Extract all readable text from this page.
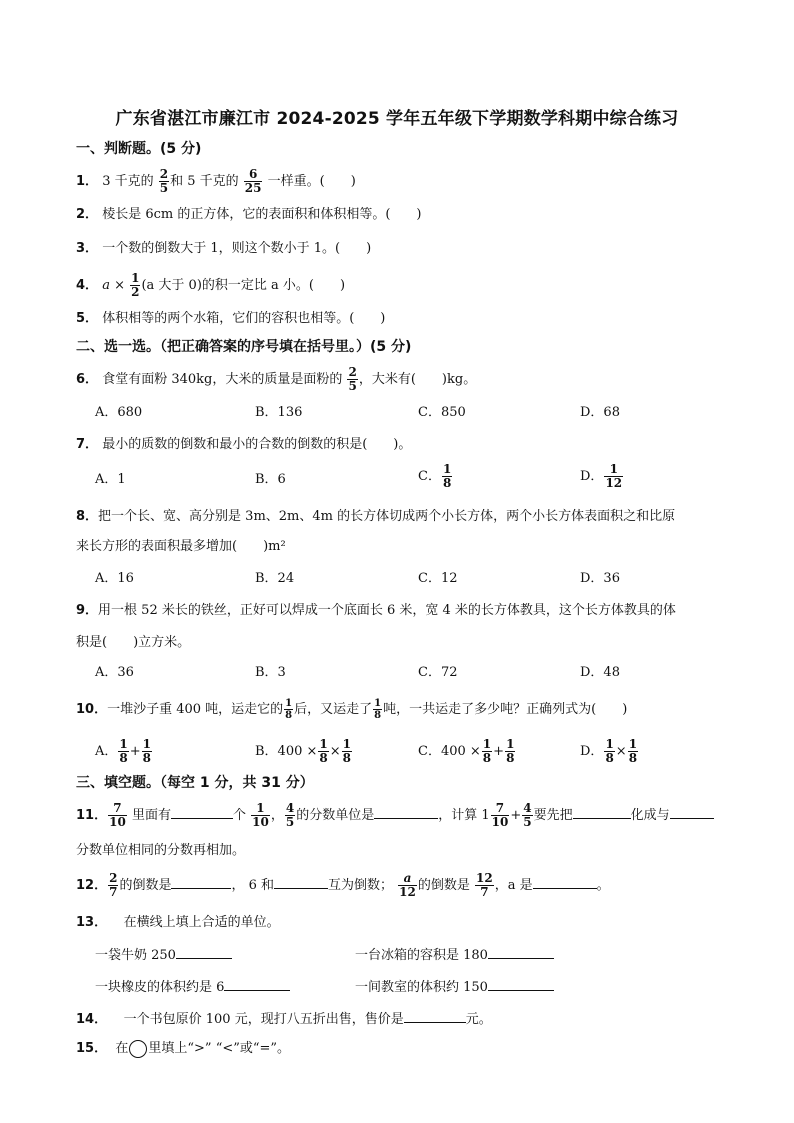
广东省湛江市廉江市 2024-2025 学年五年级下学期数学科期中综合练习
一、判断题。(5 分)
1． 3 千克的 $\frac{2}{5}$ 和 5 千克的 $\frac{6}{25}$ 一样重。( )
2． 棱长是 6cm 的正方体，它的表面积和体积相等。( )
3． 一个数的倒数大于 1，则这个数小于 1。( )
4． $a \times \frac{1}{2} (a$ 大于 0)的积一定比 a 小。( )
5． 体积相等的两个水箱，它们的容积也相等。( )
二、选一选。（把正确答案的序号填在括号里。）(5 分)
6． 食堂有面粉 340kg，大米的质量是面粉的 $\frac{2}{5}$ ，大米有( )kg。
A．680	B．136	C．850	D．68
7． 最小的质数的倒数和最小的合数的倒数的积是( )。
A．1	B．6	C． $\frac{1}{8}$	D． $\frac{1}{12}$
8．把一个长、宽、高分别是 3m、2m、4m 的长方体切成两个小长方体，两个小长方体表面积之和比原
来长方形的表面积最多增加( )m²
A．16	B．24	C．12	D．36
9．用一根 52 米长的铁丝，正好可以焊成一个底面长 6 米，宽 4 米的长方体教具，这个长方体教具的体
积是( )立方米。
A．36	B．3	C．72	D．48
10．一堆沙子重 400 吨，运走它的 $\frac{1}{8}$ 后，又运走了 $\frac{1}{8}$ 吨，一共运走了多少吨？正确列式为( )
A． $\frac{1}{8} + \frac{1}{8}$	B．$400 \times \frac{1}{8} \times \frac{1}{8}$	C．$400 \times \frac{1}{8} + \frac{1}{8}$	D． $\frac{1}{8} \times \frac{1}{8}$
三、填空题。（每空 1 分，共 31 分）
11． $\frac{7}{10}$ 里面有	个 $\frac{1}{10}$ ， $\frac{4}{5}$ 的分数单位是	，计算 $1 \frac{7}{10} + \frac{4}{5}$ 要先把	化成与
分数单位相同的分数再相加。
12． $\frac{2}{7}$ 的倒数是	， 6 和	互为倒数； $\frac{a}{12}$ 的倒数是 $\frac{12}{7}$ ，a 是	。
13． 在横线上填上合适的单位。
一袋牛奶 250	一台冰箱的容积是 180
一块橡皮的体积约是 6	一间教室的体积约 150
14． 一个书包原价 100 元，现打八五折出售，售价是	元。
15． 在 里填上“>” “<”或“=”。
